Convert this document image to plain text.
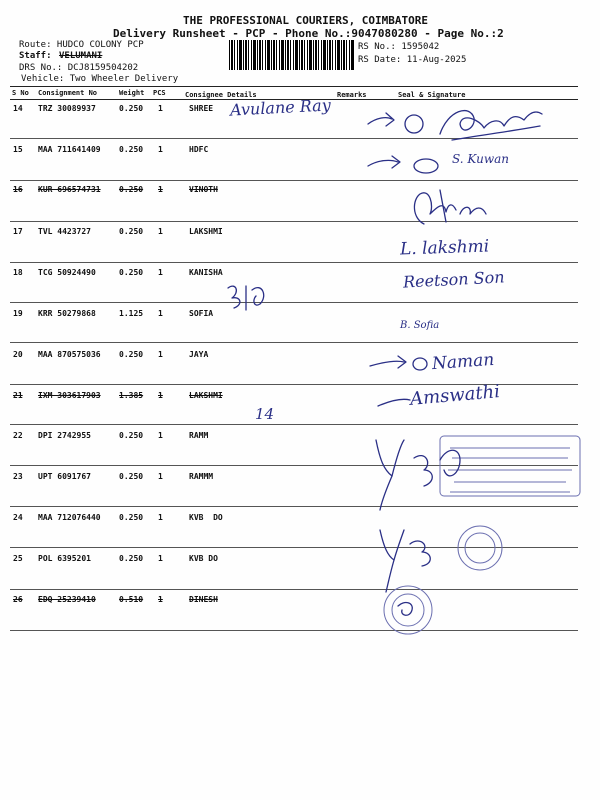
THE PROFESSIONAL COURIERS, COIMBATORE
Delivery Runsheet - PCP - Phone No.:9047080280 - Page No.:2
Route: HUDCO COLONY PCP
Staff: VELUMANI
DRS No.: DCJ8159504202
Vehicle: Two Wheeler Delivery
RS No.: 1595042
RS Date: 11-Aug-2025
S No Consignment No	Weight PCS	Consignee Details	Remarks	Seal & Signature
14 TRZ 30089937	0.250 1	SHREE
15 MAA 711641409 0.250 1	HDFC
16 KUR 696574731 0.250 1	VINOTH
17 TVL 4423727	0.250 1	LAKSHMI
18 TCG 50924490	0.250 1	KANISHA
19 KRR 50279868	1.125 1	SOFIA
20 MAA 870575036 0.250 1	JAYA
21 IXM 303617903 1.385 1	LAKSHMI
22 DPI 2742955	0.250 1	RAMM
23 UPT 6091767	0.250 1	RAMMM
24 MAA 712076440 0.250 1	KVB  DO
25 POL 6395201	0.250 1	KVB DO
26 EDQ 25239410	0.510 1	DINESH
Avulane Ray
S. Kuwan
L. lakshmi
Reetson Son
B. Sofia
Naman
Amswathi
14
